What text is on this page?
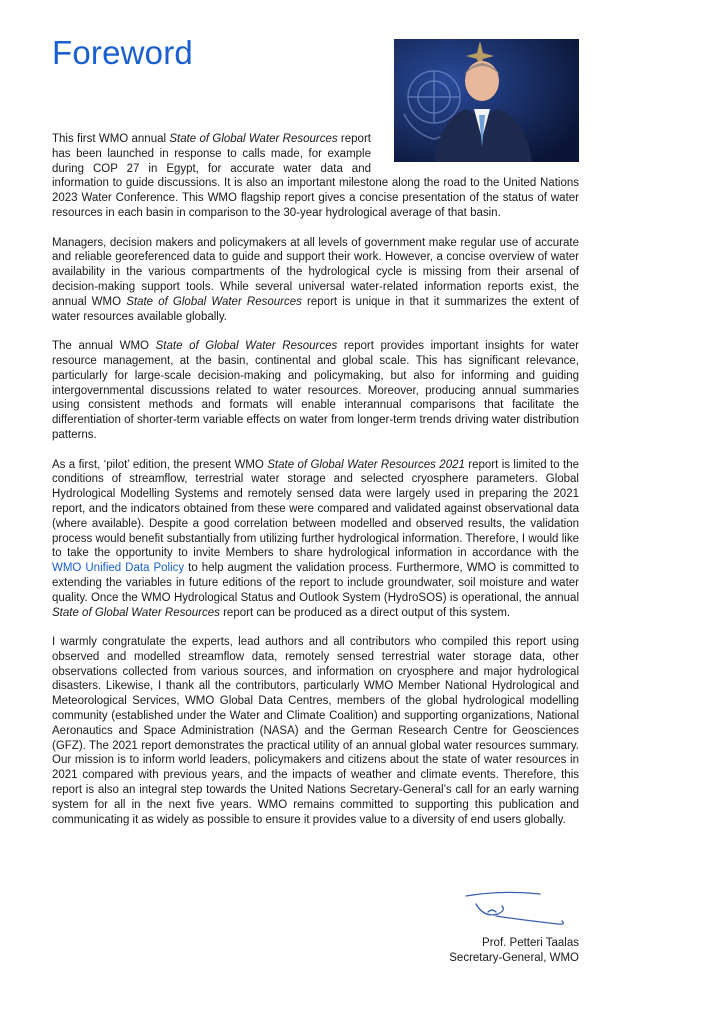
Foreword

This first WMO annual State of Global Water Resources report has been launched in response to calls made, for example during COP 27 in Egypt, for accurate water data and information to guide discussions. It is also an important milestone along the road to the United Nations 2023 Water Conference. This WMO flagship report gives a concise presentation of the status of water resources in each basin in comparison to the 30-year hydrological average of that basin.

Managers, decision makers and policymakers at all levels of government make regular use of accurate and reliable georeferenced data to guide and support their work. However, a concise overview of water availability in the various compartments of the hydrological cycle is missing from their arsenal of decision-making support tools. While several universal water-related information reports exist, the annual WMO State of Global Water Resources report is unique in that it summarizes the extent of water resources available globally.

The annual WMO State of Global Water Resources report provides important insights for water resource management, at the basin, continental and global scale. This has significant relevance, particularly for large-scale decision-making and policymaking, but also for informing and guiding intergovernmental discussions related to water resources. Moreover, producing annual summaries using consistent methods and formats will enable interannual comparisons that facilitate the differentiation of shorter-term variable effects on water from longer-term trends driving water distribution patterns.

As a first, ‘pilot’ edition, the present WMO State of Global Water Resources 2021 report is limited to the conditions of streamflow, terrestrial water storage and selected cryosphere parameters. Global Hydrological Modelling Systems and remotely sensed data were largely used in preparing the 2021 report, and the indicators obtained from these were compared and validated against observational data (where available). Despite a good correlation between modelled and observed results, the validation process would benefit substantially from utilizing further hydrological information. Therefore, I would like to take the opportunity to invite Members to share hydrological information in accordance with the WMO Unified Data Policy to help augment the validation process. Furthermore, WMO is committed to extending the variables in future editions of the report to include groundwater, soil moisture and water quality. Once the WMO Hydrological Status and Outlook System (HydroSOS) is operational, the annual State of Global Water Resources report can be produced as a direct output of this system.

I warmly congratulate the experts, lead authors and all contributors who compiled this report using observed and modelled streamflow data, remotely sensed terrestrial water storage data, other observations collected from various sources, and information on cryosphere and major hydrological disasters. Likewise, I thank all the contributors, particularly WMO Member National Hydrological and Meteorological Services, WMO Global Data Centres, members of the global hydrological modelling community (established under the Water and Climate Coalition) and supporting organizations, National Aeronautics and Space Administration (NASA) and the German Research Centre for Geosciences (GFZ). The 2021 report demonstrates the practical utility of an annual global water resources summary. Our mission is to inform world leaders, policymakers and citizens about the state of water resources in 2021 compared with previous years, and the impacts of weather and climate events. Therefore, this report is also an integral step towards the United Nations Secretary-General’s call for an early warning system for all in the next five years. WMO remains committed to supporting this publication and communicating it as widely as possible to ensure it provides value to a diversity of end users globally.

Prof. Petteri Taalas
Secretary-General, WMO
